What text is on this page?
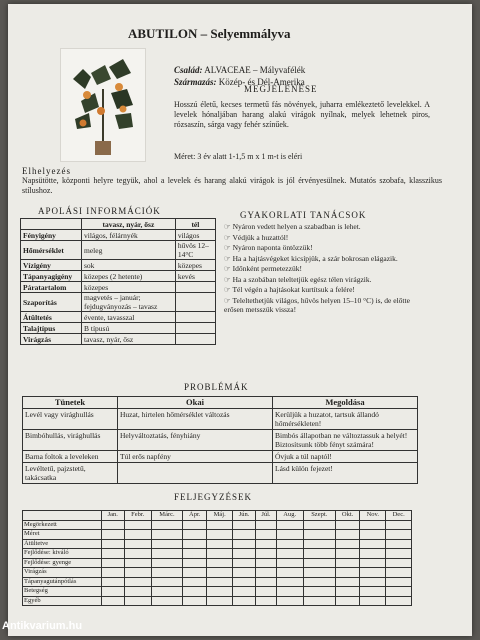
ABUTILON – Selyemmályva
Család: ALVACEAE – Mályvafélék
Származás: Közép- és Dél-Amerika
MEGJELENÉSE
Hosszú életű, kecses termetű fás növények, juharra emlékeztető levelekkel. A levelek hónaljában harang alakú virágok nyílnak, melyek lehetnek piros, rózsaszín, sárga vagy fehér színűek.
Méret: 3 év alatt 1-1,5 m x 1 m-t is eléri
Elhelyezés
Napsütötte, központi helyre tegyük, ahol a levelek és harang alakú virágok is jól érvényesülnek. Mutatós szobafa, klasszikus stílushoz.
APOLÁSI INFORMÁCIÓK
	tavasz, nyár, ősz	tél
Fényigény	világos, félárnyék	világos
Hőmérséklet	meleg	hűvös 12–14°C
Vízigény	sok	közepes
Tápanyagigény	közepes (2 hetente)	kevés
Páratartalom	közepes	
Szaporítás	magvetés – január; fejdugványozás – tavasz	
Átültetés	évente, tavasszal	
Talajtípus	B típusú	
Virágzás	tavasz, nyár, ősz	
GYAKORLATI TANÁCSOK
☞ Nyáron vedett helyen a szabadban is lehet.
☞ Védjük a huzattól!
☞ Nyáron naponta öntözzük!
☞ Ha a hajtásvégeket kicsípjük, a szár bokrosan elágazik.
☞ Időnként permetezzük!
☞ Ha a szobában teleltetjük egész télen virágzik.
☞ Tél végén a hajtásokat kurtítsuk a felére!
☞ Teleltethetjük világos, hűvös helyen 15–10 °C) is, de előtte erősen metsszük vissza!
PROBLÉMÁK
Tünetek	Okai	Megoldása
Levél vagy virághullás	Huzat, hirtelen hőmérséklet változás	Kerüljük a huzatot, tartsuk állandó hőmérsékleten!
Bimbóhullás, virághullás	Helyváltoztatás, fényhiány	Bimbós állapotban ne változtassuk a helyét! Biztosítsunk több fényt számára!
Barna foltok a leveleken	Túl erős napfény	Óvjuk a túl naptól!
Levéltetű, pajzstetű, takácsatka		Lásd külön fejezet!
FELJEGYZÉSEK
	Jan.	Febr.	Márc.	Ápr.	Máj.	Jún.	Júl.	Aug.	Szept.	Okt.	Nov.	Dec.
Megörkezett												
Méret												
Átültetve												
Fejlődése: kiváló												
Fejlődése: gyenge												
Virágzás												
Tápanyagutánpótlás												
Betegség												
Egyéb												
Antikvarium.hu
